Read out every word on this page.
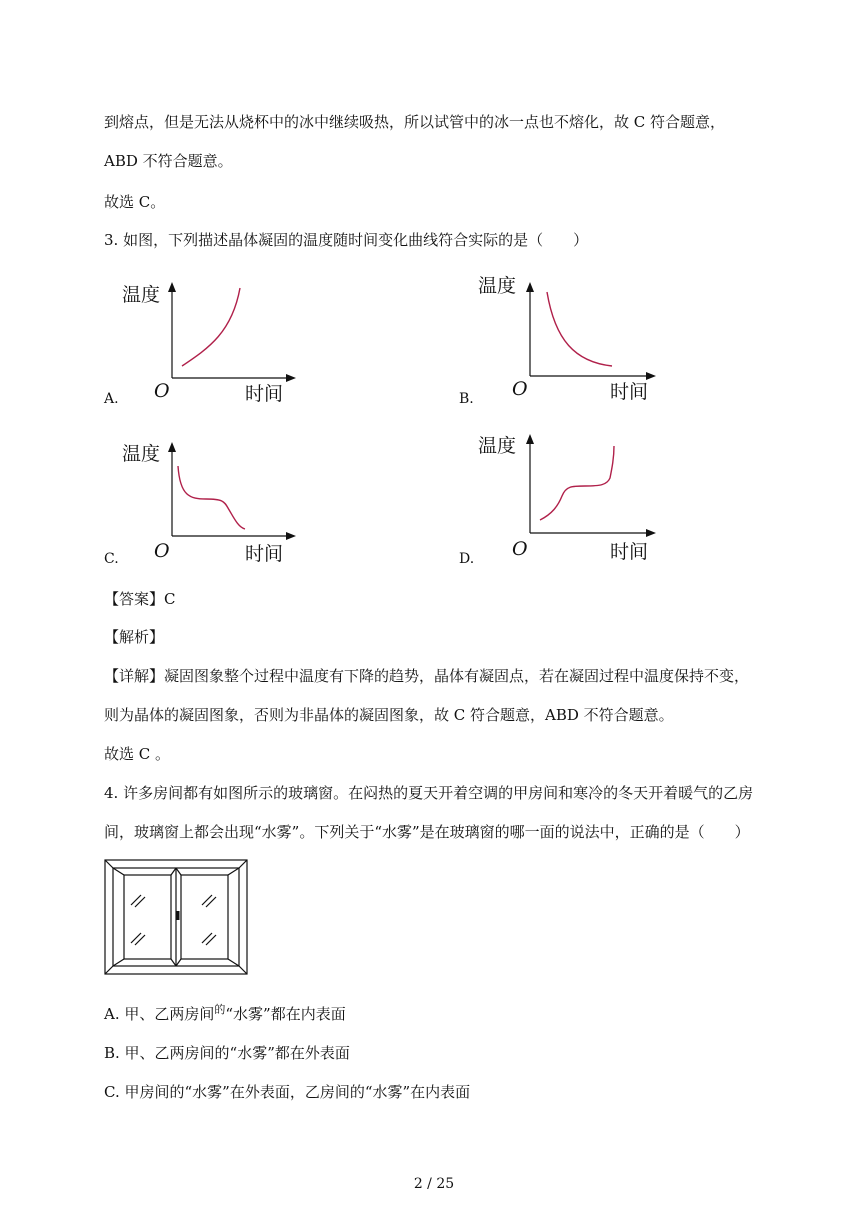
到熔点，但是无法从烧杯中的冰中继续吸热，所以试管中的冰一点也不熔化，故 C 符合题意，
ABD 不符合题意。
故选 C。
3. 如图，下列描述晶体凝固的温度随时间变化曲线符合实际的是（　　）
温度
O	时间
A.
温度
O	时间
B.
温度
O	时间
C.
温度
O	时间
D.
【答案】C
【解析】
【详解】凝固图象整个过程中温度有下降的趋势，晶体有凝固点，若在凝固过程中温度保持不变，
则为晶体的凝固图象，否则为非晶体的凝固图象，故 C 符合题意，ABD 不符合题意。
故选 C 。
4. 许多房间都有如图所示的玻璃窗。在闷热的夏天开着空调的甲房间和寒冷的冬天开着暖气的乙房
间，玻璃窗上都会出现“水雾”。下列关于“水雾”是在玻璃窗的哪一面的说法中，正确的是（　　）
A. 甲、乙两房间$^的$“水雾”都在内表面
B. 甲、乙两房间的“水雾”都在外表面
C. 甲房间的“水雾”在外表面，乙房间的“水雾”在内表面
2 / 25
